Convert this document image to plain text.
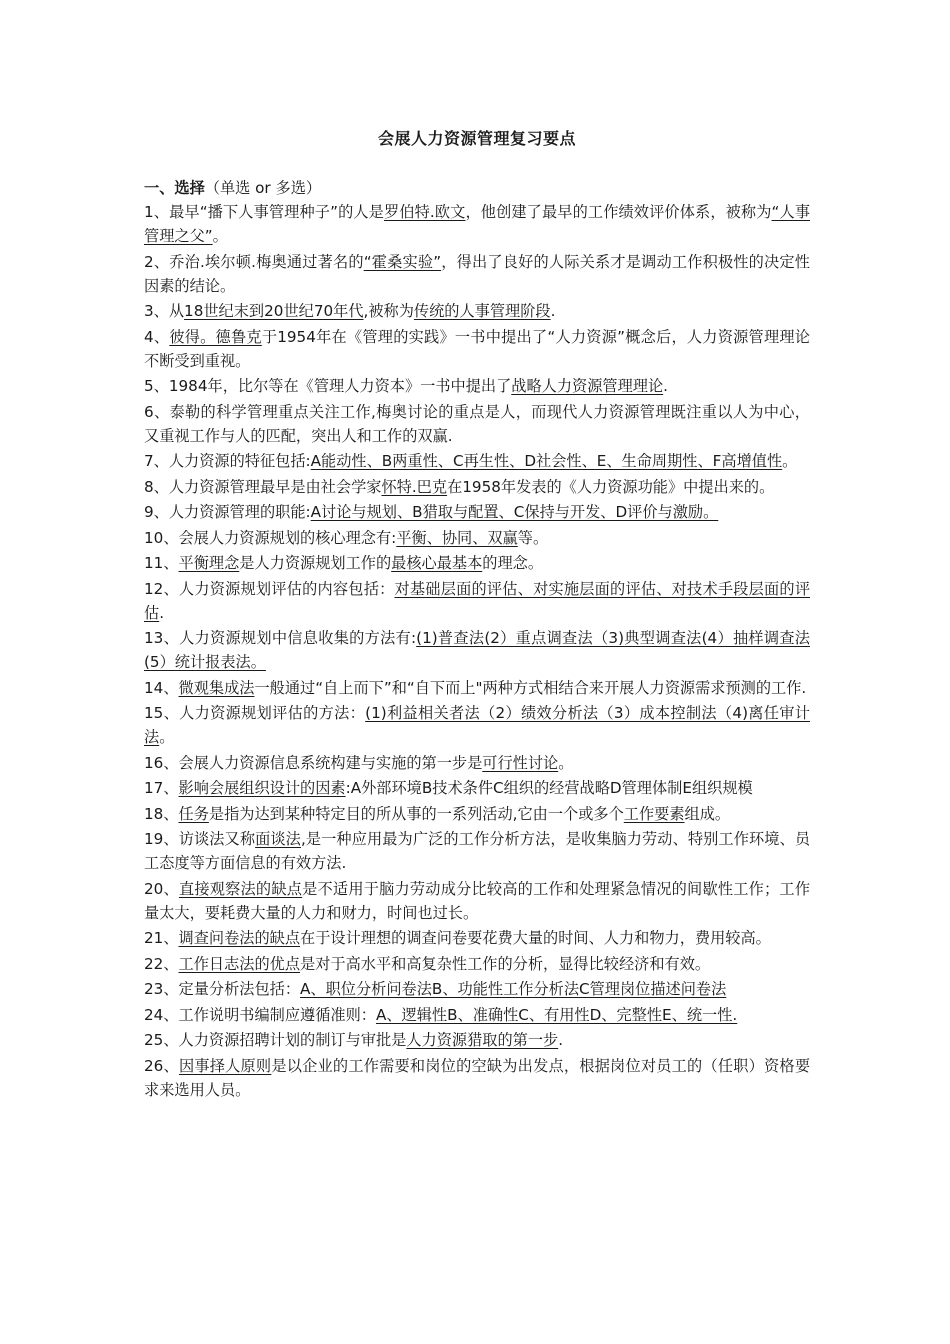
会展人力资源管理复习要点
一、选择（单选 or 多选）
1、最早“播下人事管理种子”的人是罗伯特.欧文，他创建了最早的工作绩效评价体系，被称为“人事管理之父”。
2、乔治.埃尔顿.梅奥通过著名的“霍桑实验”，得出了良好的人际关系才是调动工作积极性的决定性因素的结论。
3、从18世纪末到20世纪70年代,被称为传统的人事管理阶段.
4、彼得。德鲁克于1954年在《管理的实践》一书中提出了“人力资源”概念后，人力资源管理理论不断受到重视。
5、1984年，比尔等在《管理人力资本》一书中提出了战略人力资源管理理论.
6、泰勒的科学管理重点关注工作,梅奥讨论的重点是人，而现代人力资源管理既注重以人为中心，又重视工作与人的匹配，突出人和工作的双赢.
7、人力资源的特征包括:A能动性、B两重性、C再生性、D社会性、E、生命周期性、F高增值性。
8、人力资源管理最早是由社会学家怀特.巴克在1958年发表的《人力资源功能》中提出来的。
9、人力资源管理的职能:A讨论与规划、B猎取与配置、C保持与开发、D评价与激励。
10、会展人力资源规划的核心理念有:平衡、协同、双赢等。
11、平衡理念是人力资源规划工作的最核心最基本的理念。
12、人力资源规划评估的内容包括：对基础层面的评估、对实施层面的评估、对技术手段层面的评估.
13、人力资源规划中信息收集的方法有:(1)普查法(2）重点调查法（3)典型调查法(4）抽样调查法(5）统计报表法。
14、微观集成法一般通过“自上而下”和“自下而上"两种方式相结合来开展人力资源需求预测的工作.
15、人力资源规划评估的方法：(1)利益相关者法（2）绩效分析法（3）成本控制法（4)离任审计法。
16、会展人力资源信息系统构建与实施的第一步是可行性讨论。
17、影响会展组织设计的因素:A外部环境B技术条件C组织的经营战略D管理体制E组织规模
18、任务是指为达到某种特定目的所从事的一系列活动,它由一个或多个工作要素组成。
19、访谈法又称面谈法,是一种应用最为广泛的工作分析方法，是收集脑力劳动、特别工作环境、员工态度等方面信息的有效方法.
20、直接观察法的缺点是不适用于脑力劳动成分比较高的工作和处理紧急情况的间歇性工作；工作量太大，要耗费大量的人力和财力，时间也过长。
21、调查问卷法的缺点在于设计理想的调查问卷要花费大量的时间、人力和物力，费用较高。
22、工作日志法的优点是对于高水平和高复杂性工作的分析，显得比较经济和有效。
23、定量分析法包括：A、职位分析问卷法B、功能性工作分析法C管理岗位描述问卷法
24、工作说明书编制应遵循准则：A、逻辑性B、准确性C、有用性D、完整性E、统一性.
25、人力资源招聘计划的制订与审批是人力资源猎取的第一步.
26、因事择人原则是以企业的工作需要和岗位的空缺为出发点，根据岗位对员工的（任职）资格要求来选用人员。
